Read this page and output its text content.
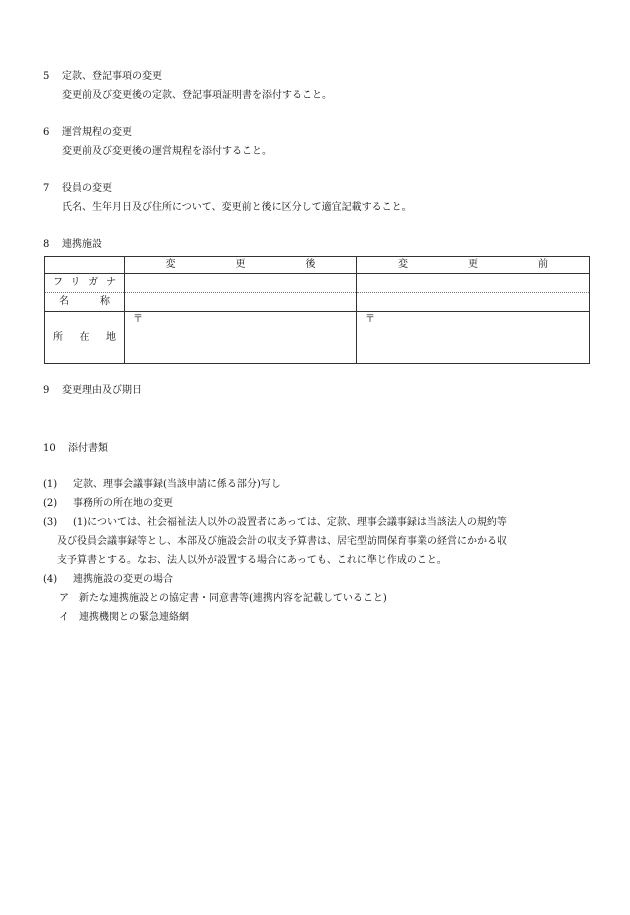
5 定款、登記事項の変更
変更前及び変更後の定款、登記事項証明書を添付すること。
6 運営規程の変更
変更前及び変更後の運営規程を添付すること。
7 役員の変更
氏名、生年月日及び住所について、変更前と後に区分して適宜記載すること。
8 連携施設
	変更後	変更前

フリガナ		

名称		

所在地	〒	〒
9 変更理由及び期日
10 添付書類
(1) 定款、理事会議事録(当該申請に係る部分)写し
(2) 事務所の所在地の変更
(3) (1)については、社会福祉法人以外の設置者にあっては、定款、理事会議事録は当該法人の規約等
及び役員会議事録等とし、本部及び施設会計の収支予算書は、居宅型訪問保育事業の経営にかかる収
支予算書とする。なお、法人以外が設置する場合にあっても、これに準じ作成のこと。
(4) 連携施設の変更の場合
ア 新たな連携施設との協定書・同意書等(連携内容を記載していること)
イ 連携機関との緊急連絡網
